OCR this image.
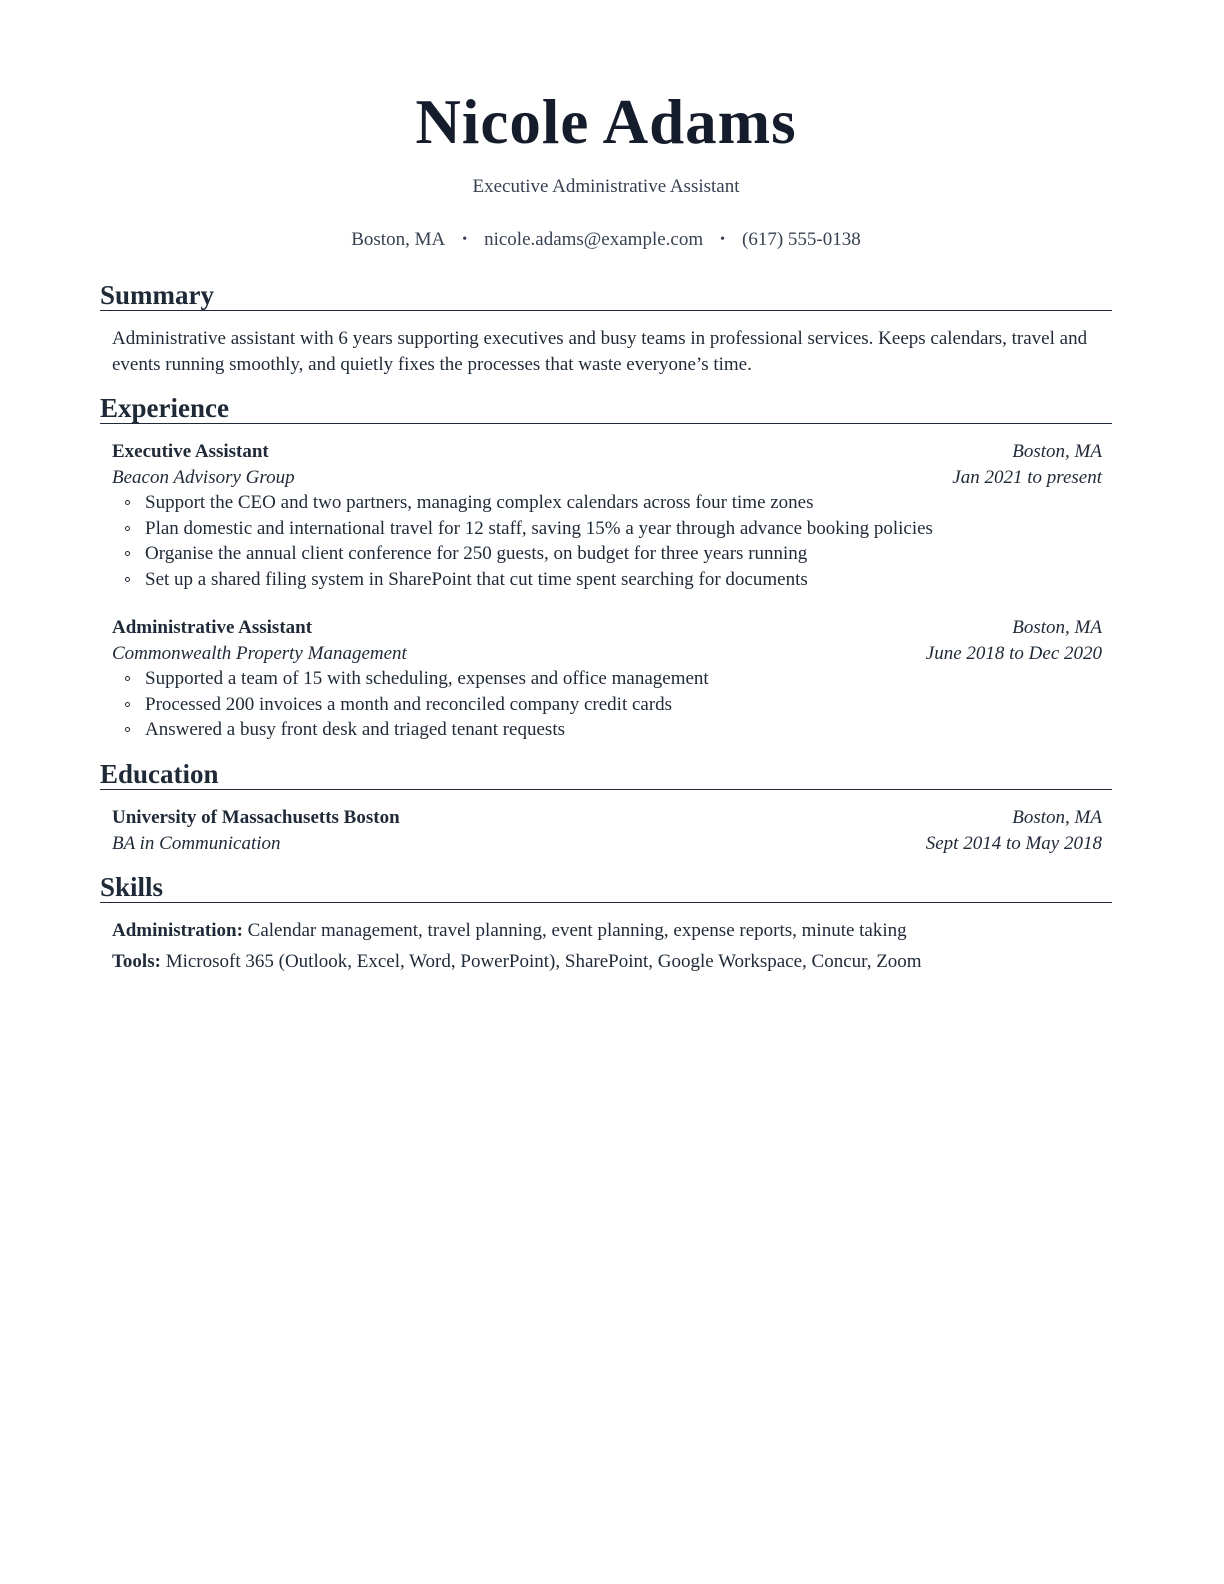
Nicole Adams
Executive Administrative Assistant
Boston, MA • nicole.adams@example.com • (617) 555-0138
Summary
Administrative assistant with 6 years supporting executives and busy teams in professional services. Keeps calendars, travel and events running smoothly, and quietly fixes the processes that waste everyone’s time.
Experience
Executive Assistant	Boston, MA
Beacon Advisory Group	Jan 2021 to present
Support the CEO and two partners, managing complex calendars across four time zones
Plan domestic and international travel for 12 staff, saving 15% a year through advance booking policies
Organise the annual client conference for 250 guests, on budget for three years running
Set up a shared filing system in SharePoint that cut time spent searching for documents
Administrative Assistant	Boston, MA
Commonwealth Property Management	June 2018 to Dec 2020
Supported a team of 15 with scheduling, expenses and office management
Processed 200 invoices a month and reconciled company credit cards
Answered a busy front desk and triaged tenant requests
Education
University of Massachusetts Boston	Boston, MA
BA in Communication	Sept 2014 to May 2018
Skills
Administration: Calendar management, travel planning, event planning, expense reports, minute taking
Tools: Microsoft 365 (Outlook, Excel, Word, PowerPoint), SharePoint, Google Workspace, Concur, Zoom
